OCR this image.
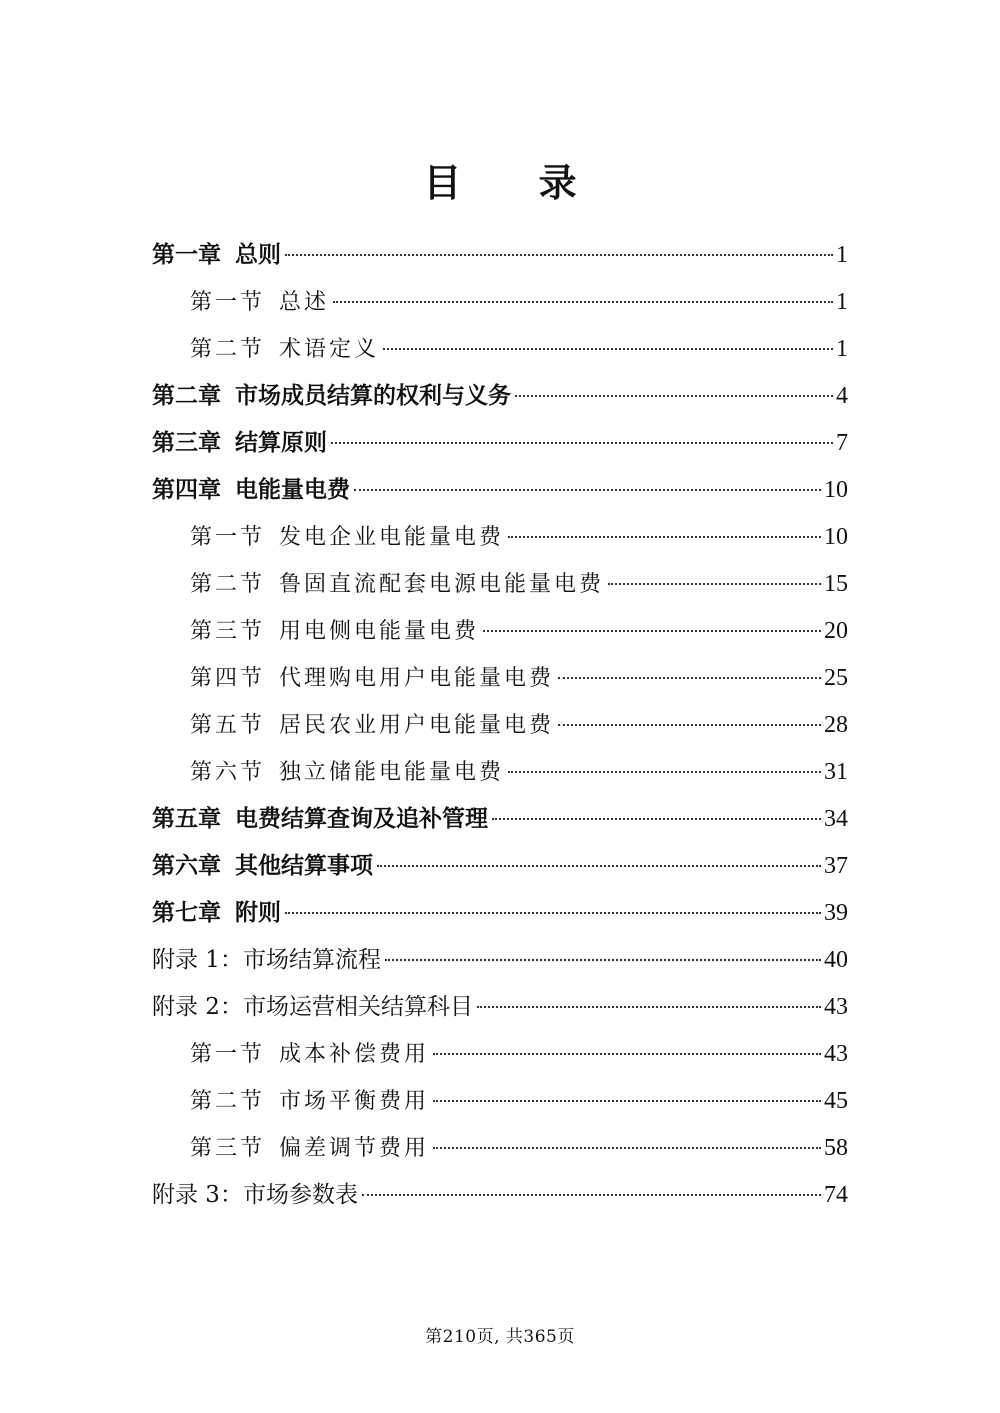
目 录
第一章 总则	1
第一节 总述	1
第二节 术语定义	1
第二章 市场成员结算的权利与义务	4
第三章 结算原则	7
第四章 电能量电费	10
第一节 发电企业电能量电费	10
第二节 鲁固直流配套电源电能量电费	15
第三节 用电侧电能量电费	20
第四节 代理购电用户电能量电费	25
第五节 居民农业用户电能量电费	28
第六节 独立储能电能量电费	31
第五章 电费结算查询及追补管理	34
第六章 其他结算事项	37
第七章 附则	39
附录 1：市场结算流程	40
附录 2：市场运营相关结算科目	43
第一节 成本补偿费用	43
第二节 市场平衡费用	45
第三节 偏差调节费用	58
附录 3：市场参数表	74
第210页, 共365页
